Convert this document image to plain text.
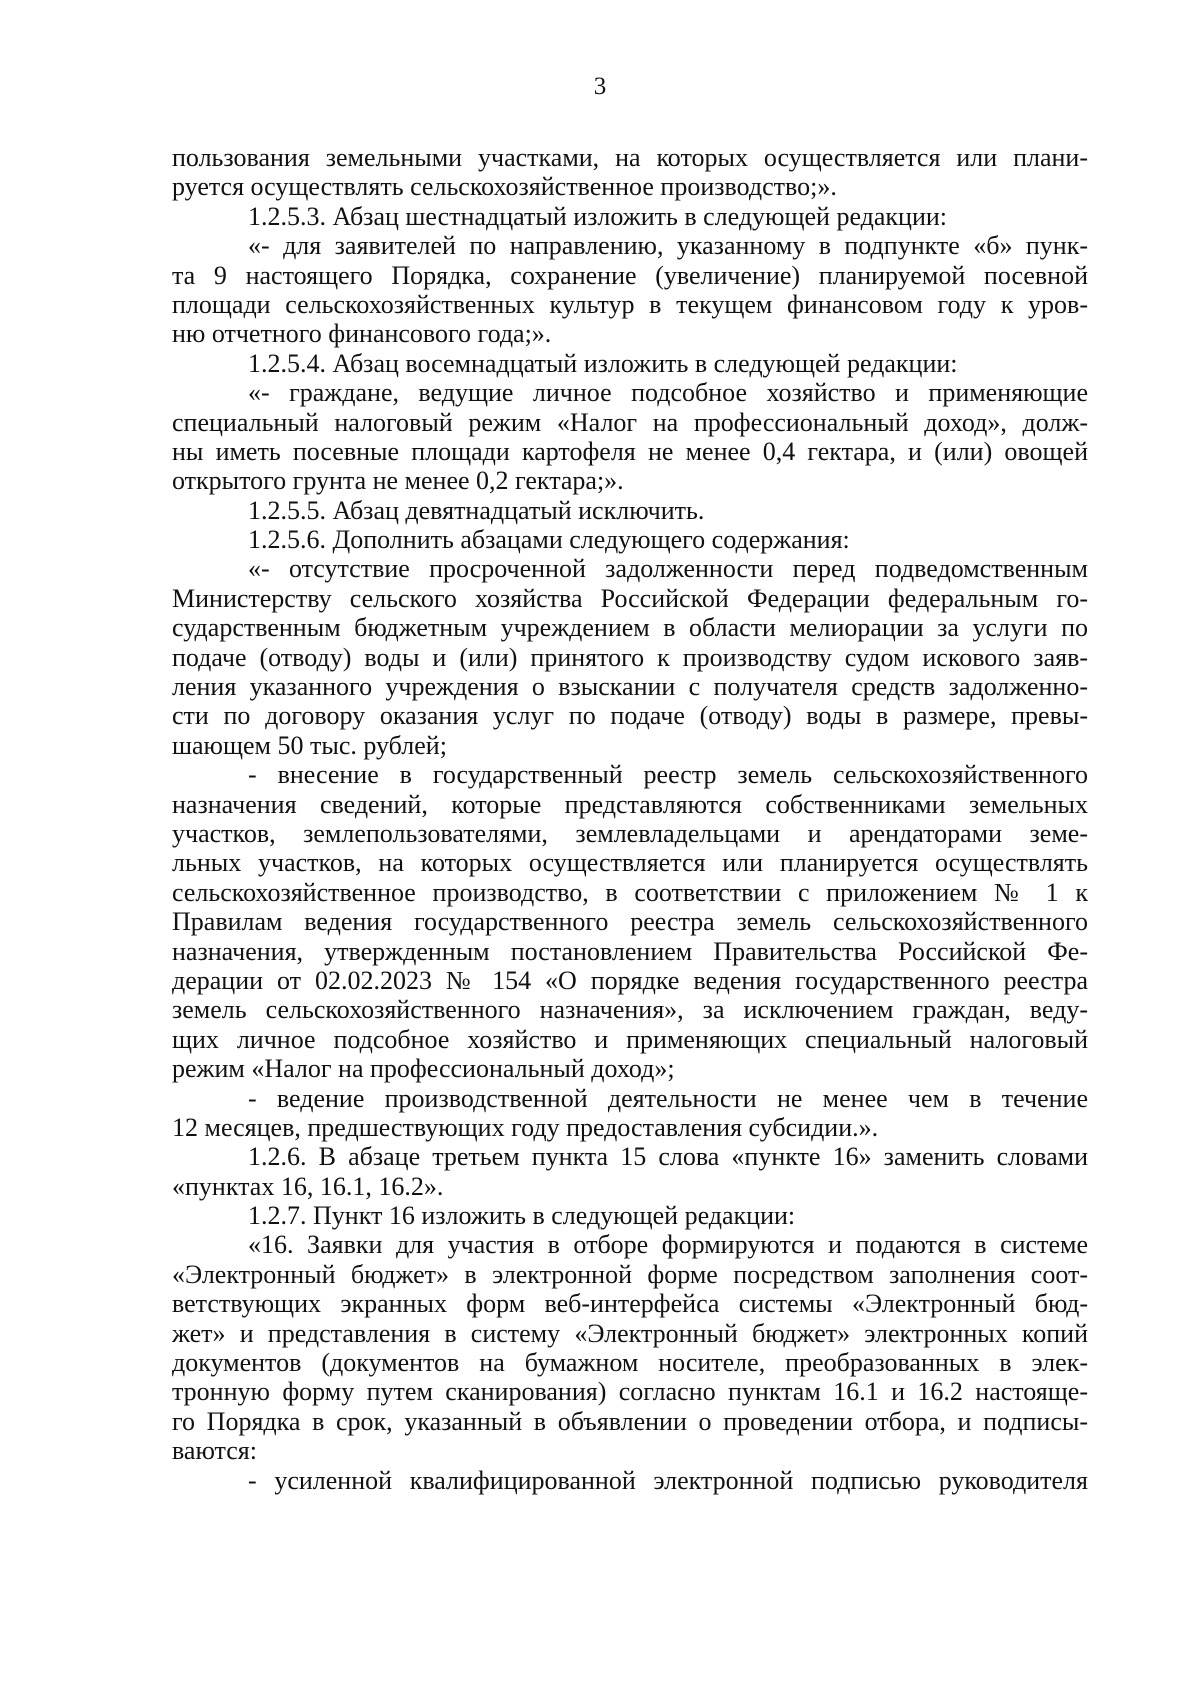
3
пользования земельными участками, на которых осуществляется или плани-
руется осуществлять сельскохозяйственное производство;».
1.2.5.3. Абзац шестнадцатый изложить в следующей редакции:
«- для заявителей по направлению, указанному в подпункте «б» пунк-
та 9 настоящего Порядка, сохранение (увеличение) планируемой посевной
площади сельскохозяйственных культур в текущем финансовом году к уров-
ню отчетного финансового года;».
1.2.5.4. Абзац восемнадцатый изложить в следующей редакции:
«- граждане, ведущие личное подсобное хозяйство и применяющие
специальный налоговый режим «Налог на профессиональный доход», долж-
ны иметь посевные площади картофеля не менее 0,4 гектара, и (или) овощей
открытого грунта не менее 0,2 гектара;».
1.2.5.5. Абзац девятнадцатый исключить.
1.2.5.6. Дополнить абзацами следующего содержания:
«- отсутствие просроченной задолженности перед подведомственным
Министерству сельского хозяйства Российской Федерации федеральным го-
сударственным бюджетным учреждением в области мелиорации за услуги по
подаче (отводу) воды и (или) принятого к производству судом искового заяв-
ления указанного учреждения о взыскании с получателя средств задолженно-
сти по договору оказания услуг по подаче (отводу) воды в размере, превы-
шающем 50 тыс. рублей;
- внесение в государственный реестр земель сельскохозяйственного
назначения сведений, которые представляются собственниками земельных
участков, землепользователями, землевладельцами и арендаторами земе-
льных участков, на которых осуществляется или планируется осуществлять
сельскохозяйственное производство, в соответствии с приложением № 1 к
Правилам ведения государственного реестра земель сельскохозяйственного
назначения, утвержденным постановлением Правительства Российской Фе-
дерации от 02.02.2023 № 154 «О порядке ведения государственного реестра
земель сельскохозяйственного назначения», за исключением граждан, веду-
щих личное подсобное хозяйство и применяющих специальный налоговый
режим «Налог на профессиональный доход»;
- ведение производственной деятельности не менее чем в течение
12 месяцев, предшествующих году предоставления субсидии.».
1.2.6. В абзаце третьем пункта 15 слова «пункте 16» заменить словами
«пунктах 16, 16.1, 16.2».
1.2.7. Пункт 16 изложить в следующей редакции:
«16. Заявки для участия в отборе формируются и подаются в системе
«Электронный бюджет» в электронной форме посредством заполнения соот-
ветствующих экранных форм веб-интерфейса системы «Электронный бюд-
жет» и представления в систему «Электронный бюджет» электронных копий
документов (документов на бумажном носителе, преобразованных в элек-
тронную форму путем сканирования) согласно пунктам 16.1 и 16.2 настояще-
го Порядка в срок, указанный в объявлении о проведении отбора, и подписы-
ваются:
- усиленной квалифицированной электронной подписью руководителя
